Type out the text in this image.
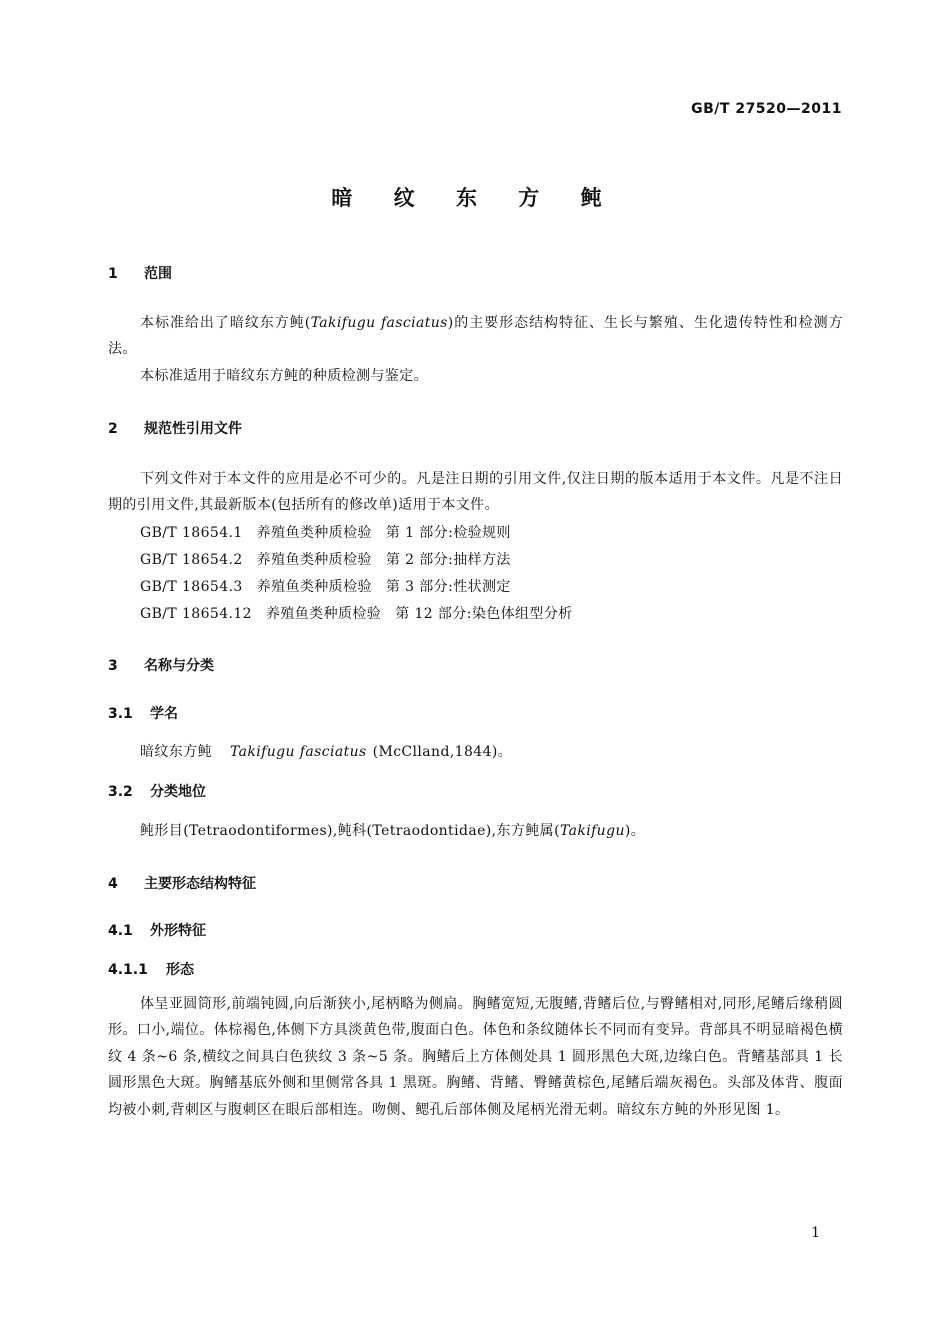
GB/T 27520—2011
暗 纹 东 方 鲀
1 范围
本标准给出了暗纹东方鲀(Takifugu fasciatus)的主要形态结构特征、生长与繁殖、生化遗传特性和检测方法。
本标准适用于暗纹东方鲀的种质检测与鉴定。
2 规范性引用文件
下列文件对于本文件的应用是必不可少的。凡是注日期的引用文件,仅注日期的版本适用于本文件。凡是不注日期的引用文件,其最新版本(包括所有的修改单)适用于本文件。
GB/T 18654.1 养殖鱼类种质检验 第 1 部分:检验规则
GB/T 18654.2 养殖鱼类种质检验 第 2 部分:抽样方法
GB/T 18654.3 养殖鱼类种质检验 第 3 部分:性状测定
GB/T 18654.12 养殖鱼类种质检验 第 12 部分:染色体组型分析
3 名称与分类
3.1 学名
暗纹东方鲀 Takifugu fasciatus (McClland,1844)。
3.2 分类地位
鲀形目(Tetraodontiformes),鲀科(Tetraodontidae),东方鲀属(Takifugu)。
4 主要形态结构特征
4.1 外形特征
4.1.1 形态
体呈亚圆筒形,前端钝圆,向后渐狭小,尾柄略为侧扁。胸鳍宽短,无腹鳍,背鳍后位,与臀鳍相对,同形,尾鳍后缘稍圆形。口小,端位。体棕褐色,体侧下方具淡黄色带,腹面白色。体色和条纹随体长不同而有变异。背部具不明显暗褐色横纹 4 条~6 条,横纹之间具白色狭纹 3 条~5 条。胸鳍后上方体侧处具 1 圆形黑色大斑,边缘白色。背鳍基部具 1 长圆形黑色大斑。胸鳍基底外侧和里侧常各具 1 黑斑。胸鳍、背鳍、臀鳍黄棕色,尾鳍后端灰褐色。头部及体背、腹面均被小刺,背刺区与腹刺区在眼后部相连。吻侧、鳃孔后部体侧及尾柄光滑无刺。暗纹东方鲀的外形见图 1。
1
